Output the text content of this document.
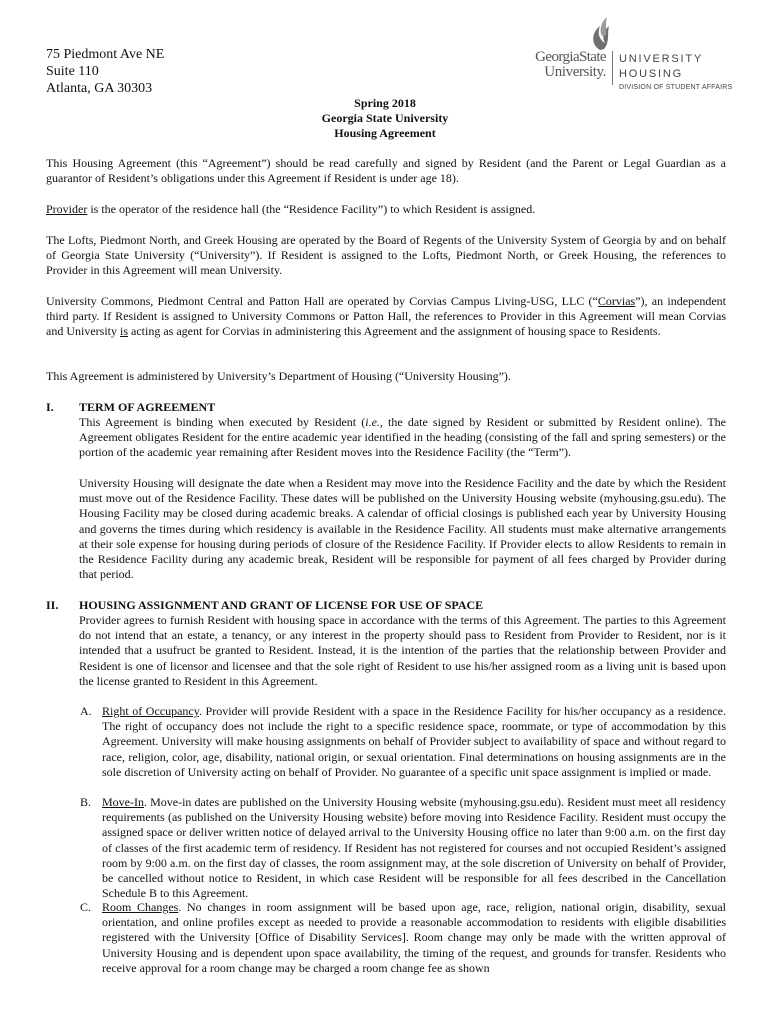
75 Piedmont Ave NE
Suite 110
Atlanta, GA 30303
GeorgiaState
University.
UNIVERSITY
HOUSING
DIVISION OF STUDENT AFFAIRS
Spring 2018
Georgia State University
Housing Agreement
This Housing Agreement (this “Agreement”) should be read carefully and signed by Resident (and the Parent or Legal Guardian as a guarantor of Resident’s obligations under this Agreement if Resident is under age 18).
Provider is the operator of the residence hall (the “Residence Facility”) to which Resident is assigned.
The Lofts, Piedmont North, and Greek Housing are operated by the Board of Regents of the University System of Georgia by and on behalf of Georgia State University (“University”). If Resident is assigned to the Lofts, Piedmont North, or Greek Housing, the references to Provider in this Agreement will mean University.
University Commons, Piedmont Central and Patton Hall are operated by Corvias Campus Living-USG, LLC (“Corvias”), an independent third party. If Resident is assigned to University Commons or Patton Hall, the references to Provider in this Agreement will mean Corvias and University is acting as agent for Corvias in administering this Agreement and the assignment of housing space to Residents.
This Agreement is administered by University’s Department of Housing (“University Housing”).
I. TERM OF AGREEMENT
This Agreement is binding when executed by Resident (i.e., the date signed by Resident or submitted by Resident online). The Agreement obligates Resident for the entire academic year identified in the heading (consisting of the fall and spring semesters) or the portion of the academic year remaining after Resident moves into the Residence Facility (the “Term”).
University Housing will designate the date when a Resident may move into the Residence Facility and the date by which the Resident must move out of the Residence Facility. These dates will be published on the University Housing website (myhousing.gsu.edu). The Housing Facility may be closed during academic breaks. A calendar of official closings is published each year by University Housing and governs the times during which residency is available in the Residence Facility. All students must make alternative arrangements at their sole expense for housing during periods of closure of the Residence Facility. If Provider elects to allow Residents to remain in the Residence Facility during any academic break, Resident will be responsible for payment of all fees charged by Provider during that period.
II. HOUSING ASSIGNMENT AND GRANT OF LICENSE FOR USE OF SPACE
Provider agrees to furnish Resident with housing space in accordance with the terms of this Agreement. The parties to this Agreement do not intend that an estate, a tenancy, or any interest in the property should pass to Resident from Provider to Resident, nor is it intended that a usufruct be granted to Resident. Instead, it is the intention of the parties that the relationship between Provider and Resident is one of licensor and licensee and that the sole right of Resident to use his/her assigned room as a living unit is based upon the license granted to Resident in this Agreement.
A. Right of Occupancy. Provider will provide Resident with a space in the Residence Facility for his/her occupancy as a residence. The right of occupancy does not include the right to a specific residence space, roommate, or type of accommodation by this Agreement. University will make housing assignments on behalf of Provider subject to availability of space and without regard to race, religion, color, age, disability, national origin, or sexual orientation. Final determinations on housing assignments are in the sole discretion of University acting on behalf of Provider. No guarantee of a specific unit space assignment is implied or made.
B. Move-In. Move-in dates are published on the University Housing website (myhousing.gsu.edu). Resident must meet all residency requirements (as published on the University Housing website) before moving into Residence Facility. Resident must occupy the assigned space or deliver written notice of delayed arrival to the University Housing office no later than 9:00 a.m. on the first day of classes of the first academic term of residency. If Resident has not registered for courses and not occupied Resident’s assigned room by 9:00 a.m. on the first day of classes, the room assignment may, at the sole discretion of University on behalf of Provider, be cancelled without notice to Resident, in which case Resident will be responsible for all fees described in the Cancellation Schedule B to this Agreement.
C. Room Changes. No changes in room assignment will be based upon age, race, religion, national origin, disability, sexual orientation, and online profiles except as needed to provide a reasonable accommodation to residents with eligible disabilities registered with the University [Office of Disability Services]. Room change may only be made with the written approval of University Housing and is dependent upon space availability, the timing of the request, and grounds for transfer. Residents who receive approval for a room change may be charged a room change fee as shown
